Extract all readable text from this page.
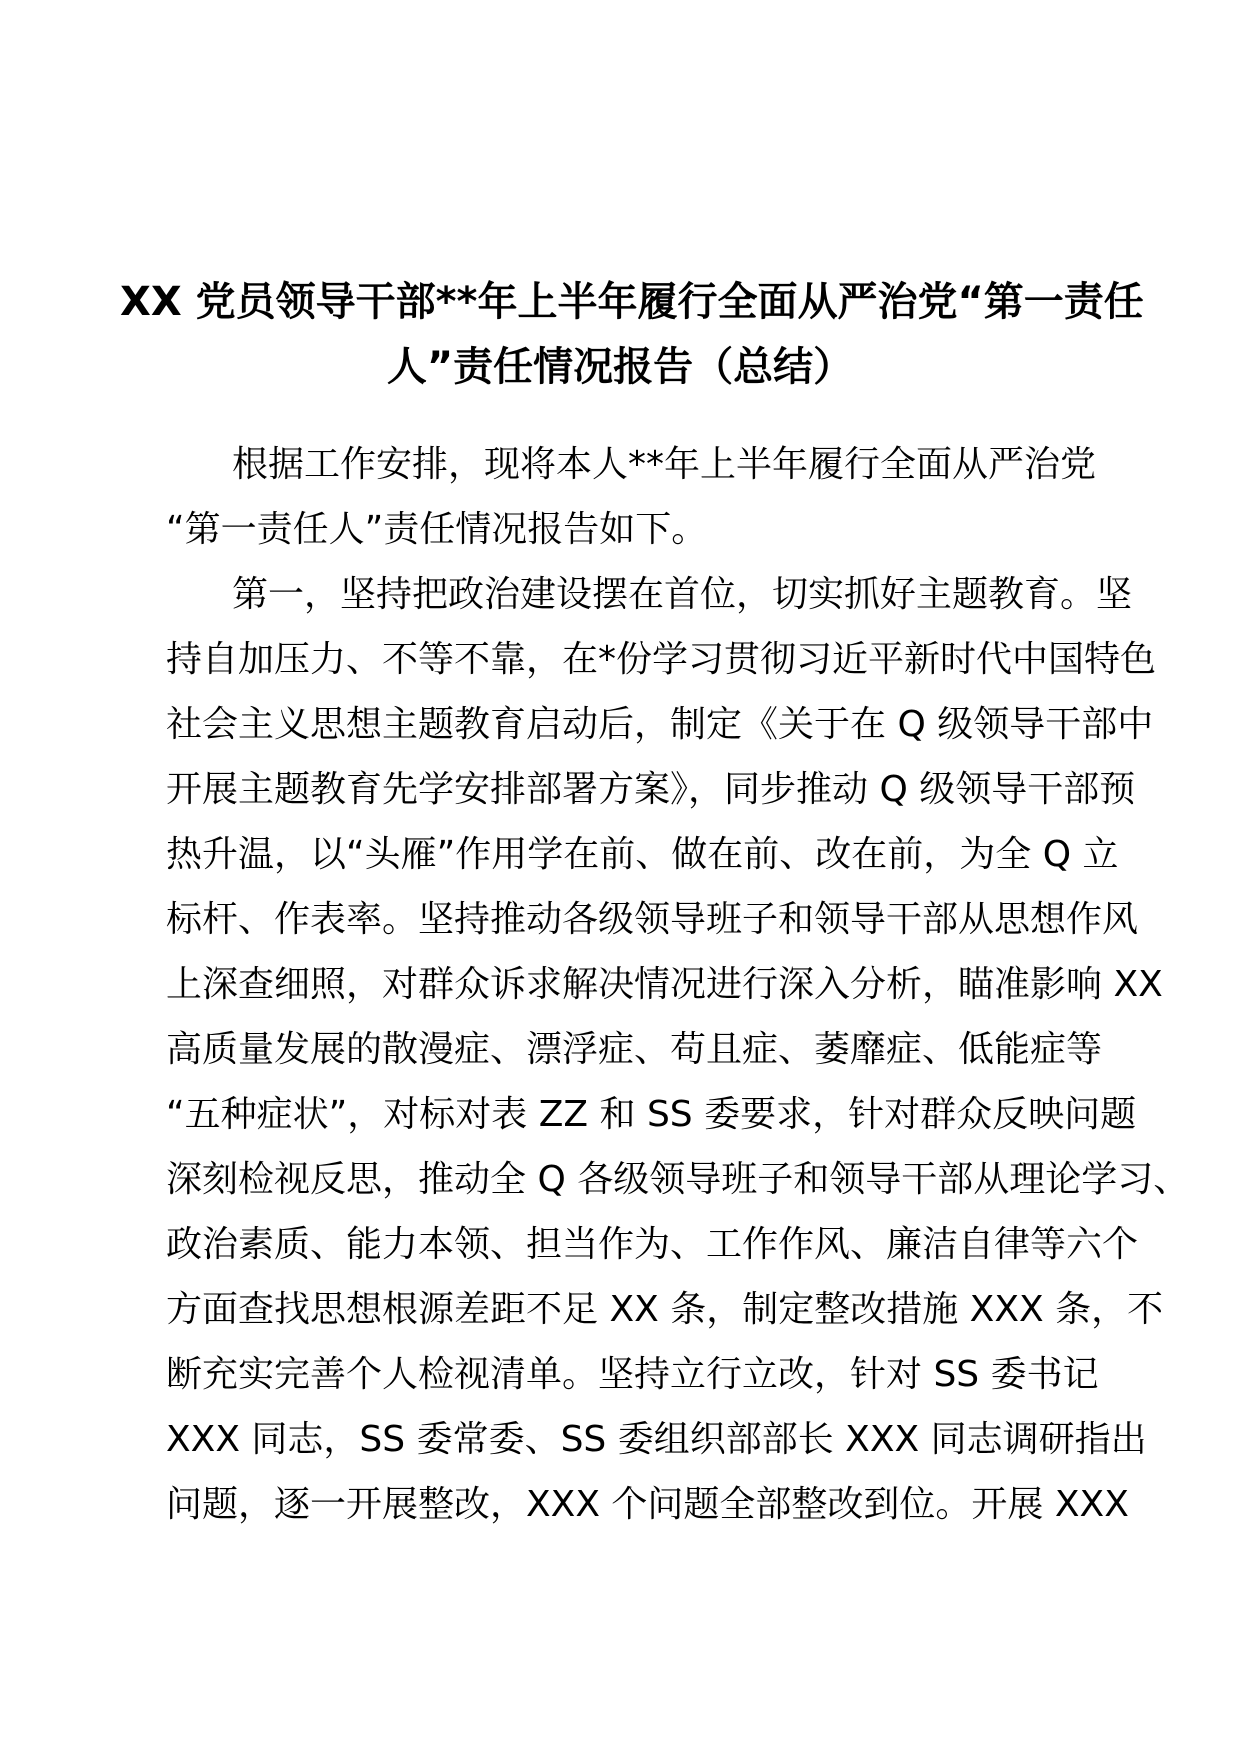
XX 党员领导干部**年上半年履行全面从严治党“第一责任
人”责任情况报告（总结）
根据工作安排，现将本人**年上半年履行全面从严治党
“第一责任人”责任情况报告如下。
第一，坚持把政治建设摆在首位，切实抓好主题教育。坚
持自加压力、不等不靠，在*份学习贯彻习近平新时代中国特色
社会主义思想主题教育启动后，制定《关于在 Q 级领导干部中
开展主题教育先学安排部署方案》，同步推动 Q 级领导干部预
热升温，以“头雁”作用学在前、做在前、改在前，为全 Q 立
标杆、作表率。坚持推动各级领导班子和领导干部从思想作风
上深查细照，对群众诉求解决情况进行深入分析，瞄准影响 XX
高质量发展的散漫症、漂浮症、苟且症、萎靡症、低能症等
“五种症状”，对标对表 ZZ 和 SS 委要求，针对群众反映问题
深刻检视反思，推动全 Q 各级领导班子和领导干部从理论学习、
政治素质、能力本领、担当作为、工作作风、廉洁自律等六个
方面查找思想根源差距不足 XX 条，制定整改措施 XXX 条，不
断充实完善个人检视清单。坚持立行立改，针对 SS 委书记
XXX 同志，SS 委常委、SS 委组织部部长 XXX 同志调研指出
问题，逐一开展整改，XXX 个问题全部整改到位。开展 XXX
